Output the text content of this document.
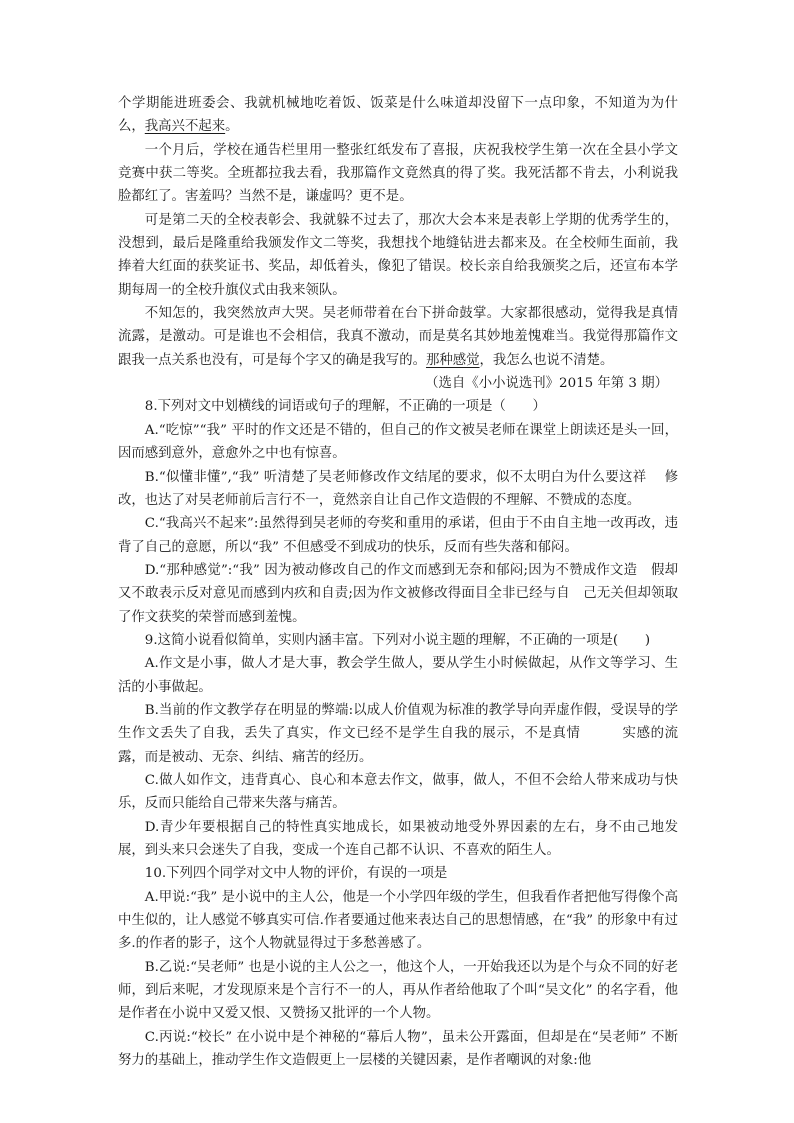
个学期能进班委会、我就机械地吃着饭、饭菜是什么味道却没留下一点印象，不知道为为什么，我高兴不起来。

一个月后，学校在通告栏里用一整张红纸发布了喜报，庆祝我校学生第一次在全县小学文竞赛中获二等奖。全班都拉我去看，我那篇作文竟然真的得了奖。我死活都不肯去，小利说我脸都红了。害羞吗？当然不是，谦虚吗？更不是。

可是第二天的全校表彰会、我就躲不过去了，那次大会本来是表彰上学期的优秀学生的，没想到，最后是隆重给我颁发作文二等奖，我想找个地缝钻进去都来及。在全校师生面前，我捧着大红面的获奖证书、奖品，却低着头，像犯了错误。校长亲自给我颁奖之后，还宣布本学期每周一的全校升旗仪式由我来领队。

不知怎的，我突然放声大哭。吴老师带着在台下拼命鼓掌。大家都很感动，觉得我是真情流露，是激动。可是谁也不会相信，我真不激动，而是莫名其妙地羞愧难当。我觉得那篇作文跟我一点关系也没有，可是每个字又的确是我写的。那种感觉，我怎么也说不清楚。

（选自《小小说选刊》2015 年第 3 期）

8.下列对文中划横线的词语或句子的理解，不正确的一项是（　　）

A.“吃惊”“我” 平时的作文还是不错的，但自己的作文被吴老师在课堂上朗读还是头一回，因而感到意外，意愈外之中也有惊喜。

B.“似懂非懂”,“我” 听清楚了吴老师修改作文结尾的要求，似不太明白为什么要这祥　 修改，也达了对吴老师前后言行不一，竟然亲自让自己作文造假的不理解、不赞成的态度。

C.“我高兴不起来”:虽然得到吴老师的夸奖和重用的承诺，但由于不由自主地一改再改，违背了自己的意愿，所以“我” 不但感受不到成功的快乐，反而有些失落和郁闷。

D.“那种感觉”:“我” 因为被动修改自己的作文而感到无奈和郁闷;因为不赞成作文造　假却又不敢表示反对意见而感到内疚和自责;因为作文被修改得面目全非已经与自　己无关但却领取了作文获奖的荣誉而感到羞愧。

9.这简小说看似简单，实则内涵丰富。下列对小说主题的理解，不正确的一项是(　　)

A.作文是小事，做人才是大事，教会学生做人，要从学生小时候做起，从作文等学习、生活的小事做起。

B.当前的作文教学存在明显的弊端:以成人价值观为标准的教学导向弄虚作假，受误导的学生作文丢失了自我，丢失了真实，作文已经不是学生自我的展示，不是真情　　　实感的流露，而是被动、无奈、纠结、痛苦的经历。

C.做人如作文，违背真心、良心和本意去作文，做事，做人，不但不会给人带来成功与快乐，反而只能给自己带来失落与痛苦。

D.青少年要根据自己的特性真实地成长，如果被动地受外界因素的左右，身不由己地发展，到头来只会迷失了自我，变成一个连自己都不认识、不喜欢的陌生人。

10.下列四个同学对文中人物的评价，有误的一项是

A.甲说:“我” 是小说中的主人公，他是一个小学四年级的学生，但我看作者把他写得像个高中生似的，让人感觉不够真实可信.作者要通过他来表达自己的思想情感，在“我” 的形象中有过多.的作者的影子，这个人物就显得过于多愁善感了。

B.乙说:“吴老师” 也是小说的主人公之一，他这个人，一开始我还以为是个与众不同的好老师，到后来呢，才发现原来是个言行不一的人，再从作者给他取了个叫“吴文化” 的名字看，他是作者在小说中又爱又恨、又赞扬又批评的一个人物。

C.丙说:“校长” 在小说中是个神秘的“幕后人物”，虽未公开露面，但却是在“吴老师” 不断努力的基础上，推动学生作文造假更上一层楼的关键因素，是作者嘲讽的对象:他
